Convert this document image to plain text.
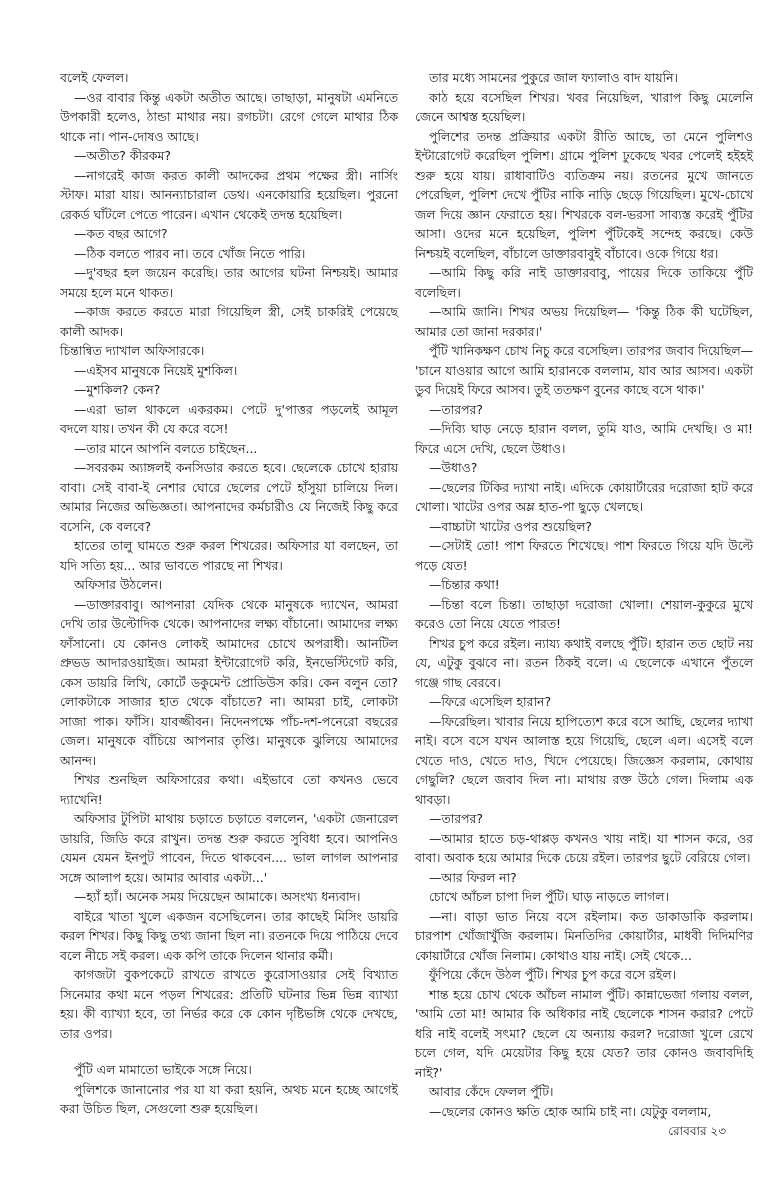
বলেই ফেলল।

—ওর বাবার কিন্তু একটা অতীত আছে। তাছাড়া, মানুষটা এমনিতে উপকারী হলেও, ঠান্ডা মাথার নয়। রগচটা। রেগে গেলে মাথার ঠিক থাকে না। পান-দোষও আছে।

—অতীত? কীরকম?

—নাগরেই কাজ করত কালী আদকের প্রথম পক্ষের স্ত্রী। নার্সিং স্টাফ। মারা যায়। আনন্যাচারাল ডেথ। এনকোয়ারি হয়েছিল। পুরনো রেকর্ড ঘাঁটলে পেতে পারেন। এখান থেকেই তদন্ত হয়েছিল।

—কত বছর আগে?

—ঠিক বলতে পারব না। তবে খোঁজ নিতে পারি।

—দু'বছর হল জয়েন করেছি। তার আগের ঘটনা নিশ্চয়ই। আমার সময়ে হলে মনে থাকত।

—কাজ করতে করতে মারা গিয়েছিল স্ত্রী, সেই চাকরিই পেয়েছে কালী আদক।

চিন্তান্বিত দ্যাখাল অফিসারকে।

—এইসব মানুষকে নিয়েই মুশকিল।

—মুশকিল? কেন?

—এরা ভাল থাকলে একরকম। পেটে দু'পাত্তর পড়লেই আমূল বদলে যায়। তখন কী যে করে বসে!

—তার মানে আপনি বলতে চাইছেন...

—সবরকম অ্যাঙ্গলই কনসিডার করতে হবে। ছেলেকে চোখে হারায় বাবা। সেই বাবা-ই নেশার ঘোরে ছেলের পেটে হাঁসুয়া চালিয়ে দিল। আমার নিজের অভিজ্ঞতা। আপনাদের কর্মচারীও যে নিজেই কিছু করে বসেনি, কে বলবে?

হাতের তালু ঘামতে শুরু করল শিখরের। অফিসার যা বলছেন, তা যদি সত্যি হয়... আর ভাবতে পারছে না শিখর।

অফিসার উঠলেন।

—ডাক্তারবাবু। আপনারা যেদিক থেকে মানুষকে দ্যাখেন, আমরা দেখি তার উল্টোদিক থেকে। আপনাদের লক্ষ্য বাঁচানো। আমাদের লক্ষ্য ফাঁসানো। যে কোনও লোকই আমাদের চোখে অপরাধী। আনটিল প্রুভড আদারওয়াইজ। আমরা ইন্টারোগেট করি, ইনভেস্টিগেট করি, কেস ডায়রি লিখি, কোর্টে ডকুমেন্ট প্রোডিউস করি। কেন বলুন তো? লোকটাকে সাজার হাত থেকে বাঁচাতে? না। আমরা চাই, লোকটা সাজা পাক। ফাঁসি। যাবজ্জীবন। নিদেনপক্ষে পাঁচ-দশ-পনেরো বছরের জেল। মানুষকে বাঁচিয়ে আপনার তৃপ্তি। মানুষকে ঝুলিয়ে আমাদের আনন্দ।

শিখর শুনছিল অফিসারের কথা। এইভাবে তো কখনও ভেবে দ্যাখেনি!

অফিসার টুপিটা মাথায় চড়াতে চড়াতে বললেন, 'একটা জেনারেল ডায়রি, জিডি করে রাখুন। তদন্ত শুরু করতে সুবিধা হবে। আপনিও যেমন যেমন ইনপুট পাবেন, দিতে থাকবেন.... ভাল লাগল আপনার সঙ্গে আলাপ হয়ে। আমার আবার একটা...'

—হ্যাঁ হ্যাঁ। অনেক সময় দিয়েছেন আমাকে। অসংখ্য ধন্যবাদ।

বাইরে খাতা খুলে একজন বসেছিলেন। তার কাছেই মিসিং ডায়রি করল শিখর। কিছু কিছু তথ্য জানা ছিল না। রতনকে দিয়ে পাঠিয়ে দেবে বলে নীচে সই করল। এক কপি তাকে দিলেন থানার কর্মী।

কাগজটা বুকপকেটে রাখতে রাখতে কুরোসাওয়ার সেই বিখ্যাত সিনেমার কথা মনে পড়ল শিখরের: প্রতিটি ঘটনার ভিন্ন ভিন্ন ব্যাখ্যা হয়। কী ব্যাখ্যা হবে, তা নির্ভর করে কে কোন দৃষ্টিভঙ্গি থেকে দেখছে, তার ওপর।

পুঁটি এল মামাতো ভাইকে সঙ্গে নিয়ে।

পুলিশকে জানানোর পর যা যা করা হয়নি, অথচ মনে হচ্ছে আগেই করা উচিত ছিল, সেগুলো শুরু হয়েছিল।

তার মধ্যে সামনের পুকুরে জাল ফ্যালাও বাদ যায়নি।

কাঠ হয়ে বসেছিল শিখর। খবর নিয়েছিল, খারাপ কিছু মেলেনি জেনে আশ্বস্ত হয়েছিল।

পুলিশের তদন্ত প্রক্রিয়ার একটা রীতি আছে, তা মেনে পুলিশও ইন্টারোগেট করেছিল পুলিশ। গ্রামে পুলিশ ঢুকেছে খবর পেলেই হইহই শুরু হয়ে যায়। রাধাবাটিও ব্যতিক্রম নয়। রতনের মুখে জানতে পেরেছিল, পুলিশ দেখে পুঁটির নাকি নাড়ি ছেড়ে গিয়েছিল। মুখে-চোখে জল দিয়ে জ্ঞান ফেরাতে হয়। শিখরকে বল-ভরসা সাব্যস্ত করেই পুঁটির আসা। ওদের মনে হয়েছিল, পুলিশ পুঁটিকেই সন্দেহ করছে। কেউ নিশ্চয়ই বলেছিল, বাঁচালে ডাক্তারবাবুই বাঁচাবে। ওকে গিয়ে ধর।

—আমি কিছু করি নাই ডাক্তারবাবু, পায়ের দিকে তাকিয়ে পুঁটি বলেছিল।

—আমি জানি। শিখর অভয় দিয়েছিল— 'কিন্তু ঠিক কী ঘটেছিল, আমার তো জানা দরকার।'

পুঁটি খানিকক্ষণ চোখ নিচু করে বসেছিল। তারপর জবাব দিয়েছিল— 'চানে যাওয়ার আগে আমি হারানকে বললাম, যাব আর আসব। একটা ডুব দিয়েই ফিরে আসব। তুই ততক্ষণ বুনের কাছে বসে থাক।'

—তারপর?

—দিব্যি ঘাড় নেড়ে হারান বলল, তুমি যাও, আমি দেখছি। ও মা! ফিরে এসে দেখি, ছেলে উধাও।

—উধাও?

—ছেলের টিকির দ্যাখা নাই। এদিকে কোয়ার্টারের দরোজা হাট করে খোলা। খাটের ওপর অম্ল হাত-পা ছুড়ে খেলছে।

—বাচ্চাটা খাটের ওপর শুয়েছিল?

—সেটাই তো! পাশ ফিরতে শিখেছে। পাশ ফিরতে গিয়ে যদি উল্টে পড়ে যেত!

—চিন্তার কথা!

—চিন্তা বলে চিন্তা। তাছাড়া দরোজা খোলা। শেয়াল-কুকুরে মুখে করেও তো নিয়ে যেতে পারত!

শিখর চুপ করে রইল। ন্যায্য কথাই বলছে পুঁটি। হারান তত ছোট নয় যে, এটুকু বুঝবে না। রতন ঠিকই বলে। এ ছেলেকে এখানে পুঁতলে গঞ্জে গাছ বেরবে।

—ফিরে এসেছিল হারান?

—ফিরেছিল। খাবার নিয়ে হাপিত্যেশ করে বসে আছি, ছেলের দ্যাখা নাই। বসে বসে যখন আলাস্ত হয়ে গিয়েছি, ছেলে এল। এসেই বলে খেতে দাও, খেতে দাও, খিদে পেয়েছে। জিজ্ঞেস করলাম, কোথায় গেছুলি? ছেলে জবাব দিল না। মাথায় রক্ত উঠে গেল। দিলাম এক থাবড়া।

—তারপর?

—আমার হাতে চড়-থাপ্পড় কখনও খায় নাই। যা শাসন করে, ওর বাবা। অবাক হয়ে আমার দিকে চেয়ে রইল। তারপর ছুটে বেরিয়ে গেল।

—আর ফিরল না?

চোখে আঁচল চাপা দিল পুঁটি। ঘাড় নাড়তে লাগল।

—না। বাড়া ভাত নিয়ে বসে রইলাম। কত ডাকাডাকি করলাম। চারপাশ খোঁজাখুঁজি করলাম। মিনতিদির কোয়ার্টার, মাধবী দিদিমণির কোয়ার্টারে খোঁজ নিলাম। কোথাও যায় নাই। সেই থেকে...

ফুঁপিয়ে কেঁদে উঠল পুঁটি। শিখর চুপ করে বসে রইল।

শান্ত হয়ে চোখ থেকে আঁচল নামাল পুঁটি। কান্নাভেজা গলায় বলল, 'আমি তো মা! আমার কি অধিকার নাই ছেলেকে শাসন করার? পেটে ধরি নাই বলেই সৎমা? ছেলে যে অন্যায় করল? দরোজা খুলে রেখে চলে গেল, যদি মেয়েটার কিছু হয়ে যেত? তার কোনও জবাবদিহি নাই?'

আবার কেঁদে ফেলল পুঁটি।

—ছেলের কোনও ক্ষতি হোক আমি চাই না। যেটুকু বললাম,

রোববার ২৩
